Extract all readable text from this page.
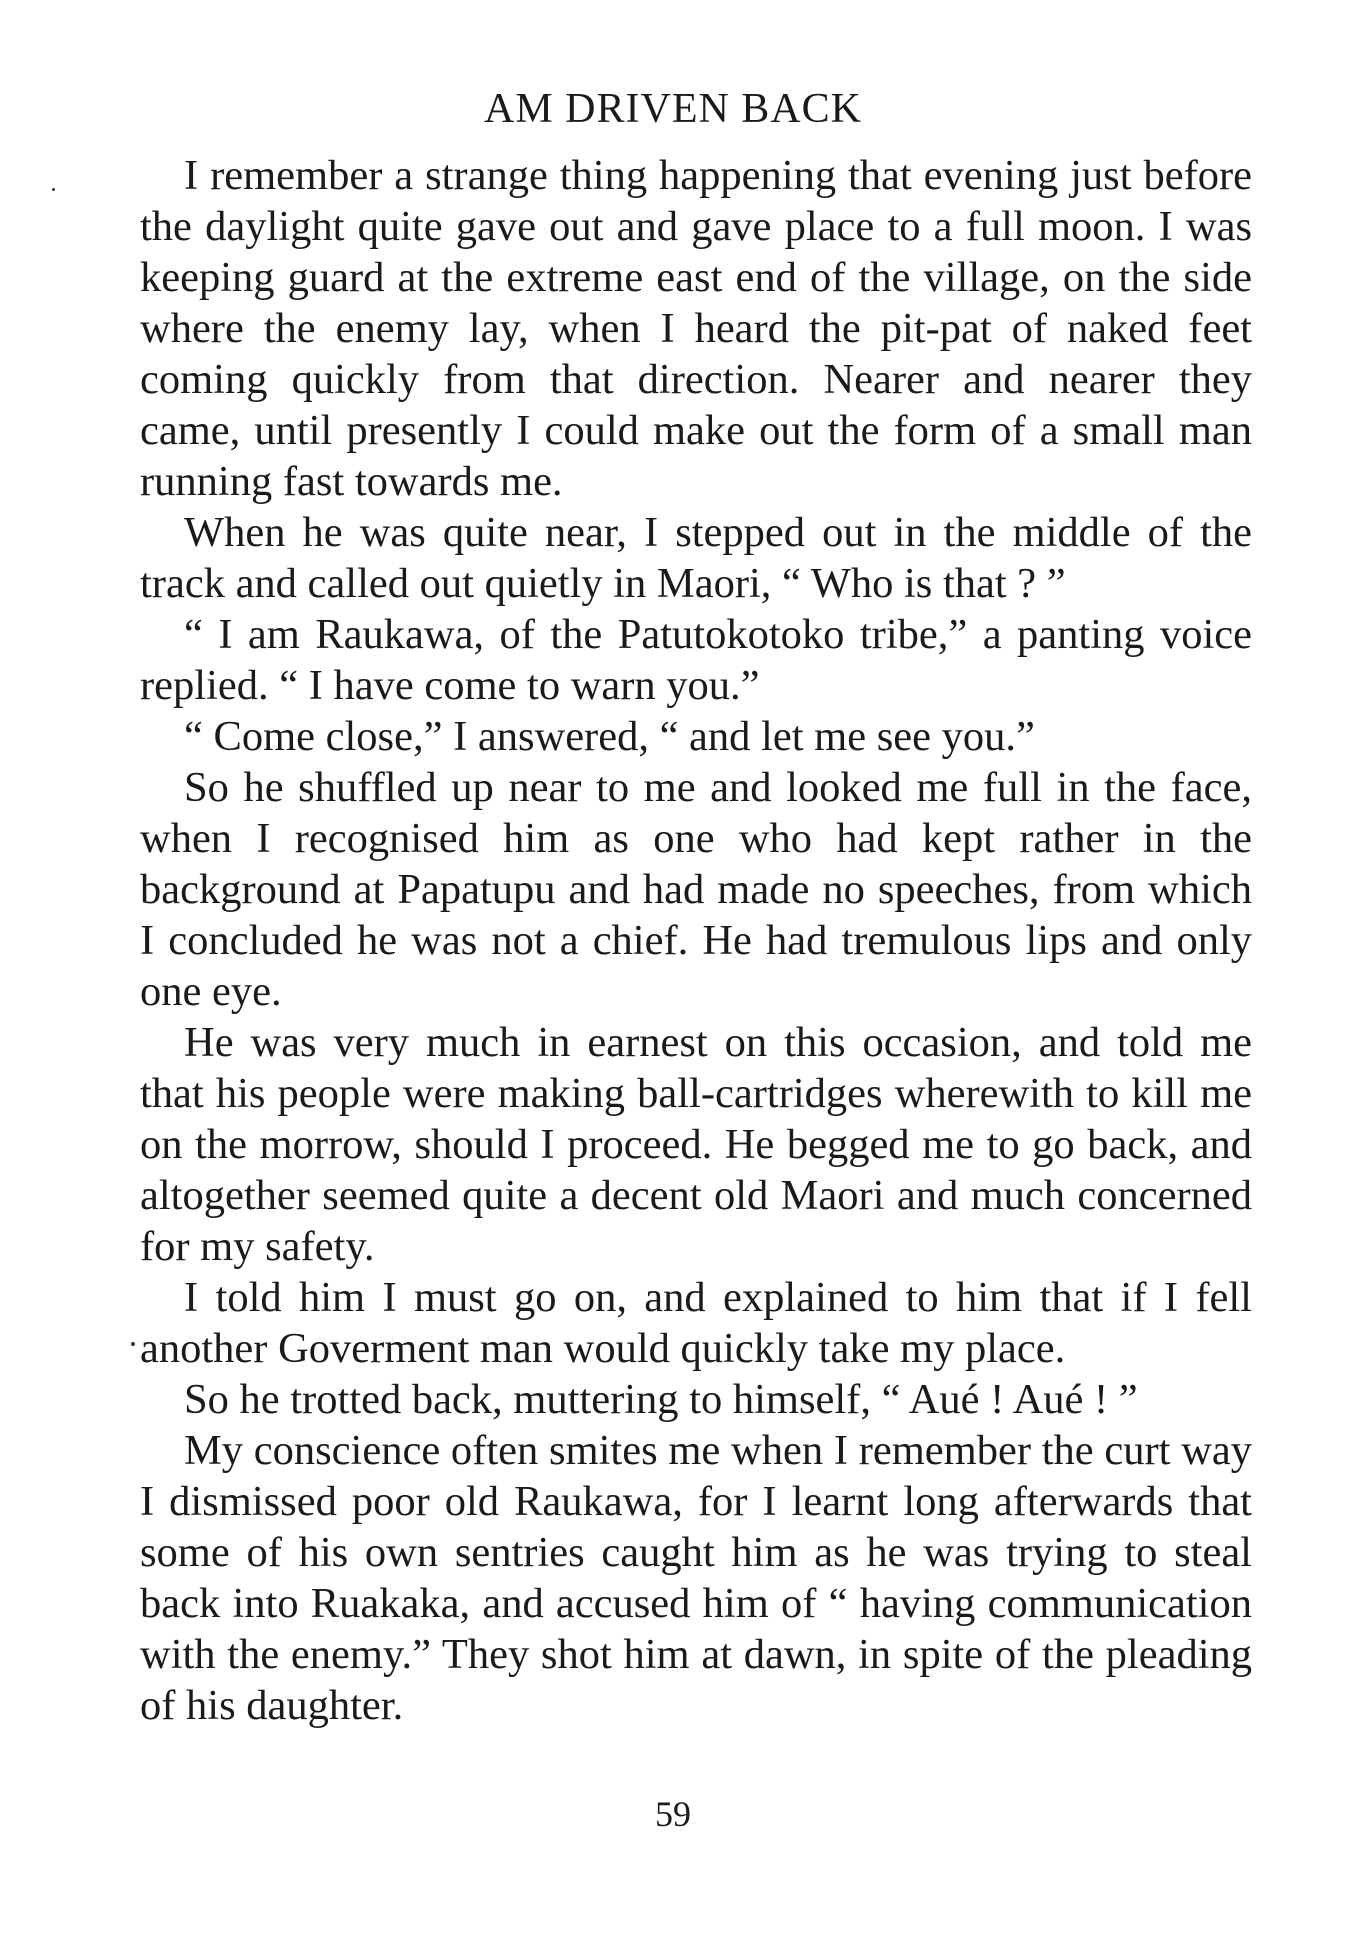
AM DRIVEN BACK

I remember a strange thing happening that evening just before the daylight quite gave out and gave place to a full moon. I was keeping guard at the extreme east end of the village, on the side where the enemy lay, when I heard the pit-pat of naked feet coming quickly from that direction. Nearer and nearer they came, until presently I could make out the form of a small man running fast towards me.

When he was quite near, I stepped out in the middle of the track and called out quietly in Maori, “ Who is that ? ”

“ I am Raukawa, of the Patutokotoko tribe,” a panting voice replied. “ I have come to warn you.”

“ Come close,” I answered, “ and let me see you.”

So he shuffled up near to me and looked me full in the face, when I recognised him as one who had kept rather in the background at Papatupu and had made no speeches, from which I concluded he was not a chief. He had tremulous lips and only one eye.

He was very much in earnest on this occasion, and told me that his people were making ball-cartridges wherewith to kill me on the morrow, should I proceed. He begged me to go back, and altogether seemed quite a decent old Maori and much concerned for my safety.

I told him I must go on, and explained to him that if I fell another Goverment man would quickly take my place.

So he trotted back, muttering to himself, “ Aué ! Aué ! ”

My conscience often smites me when I remember the curt way I dismissed poor old Raukawa, for I learnt long afterwards that some of his own sentries caught him as he was trying to steal back into Ruakaka, and accused him of “ having communication with the enemy.” They shot him at dawn, in spite of the pleading of his daughter.

59
